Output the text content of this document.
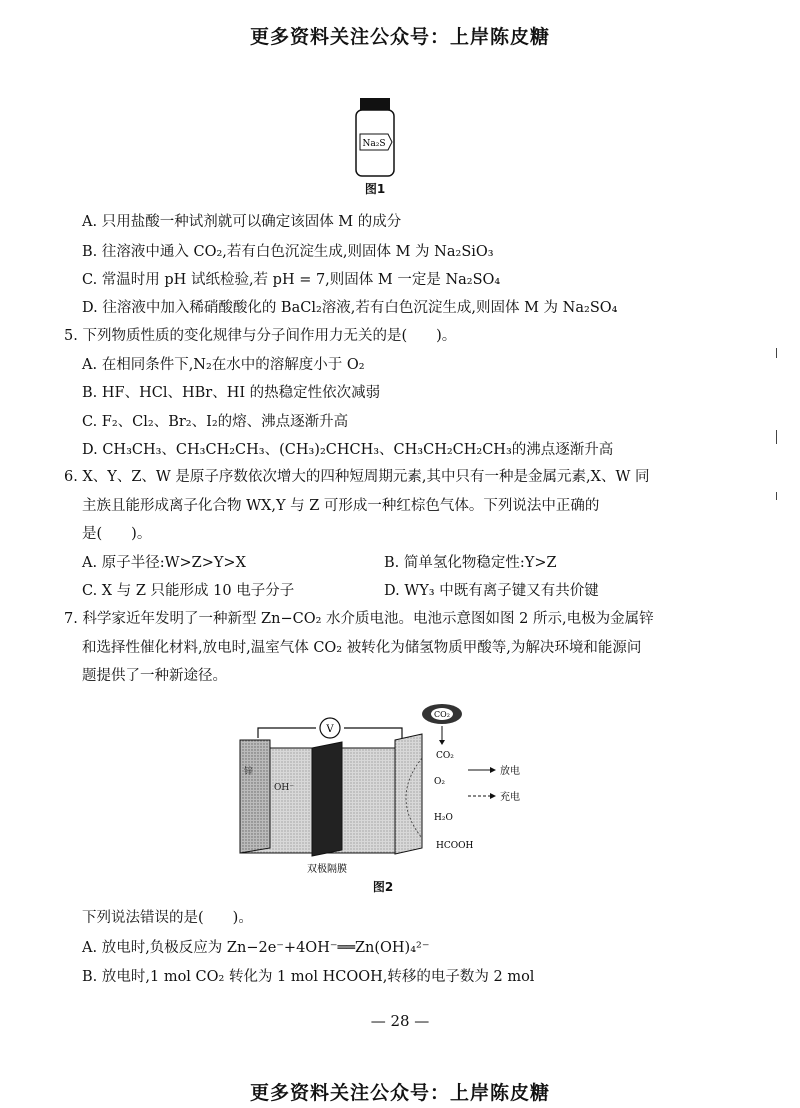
更多资料关注公众号：上岸陈皮糖
Na₂S
图1
A. 只用盐酸一种试剂就可以确定该固体 M 的成分
B. 往溶液中通入 CO₂,若有白色沉淀生成,则固体 M 为 Na₂SiO₃
C. 常温时用 pH 试纸检验,若 pH = 7,则固体 M 一定是 Na₂SO₄
D. 往溶液中加入稀硝酸酸化的 BaCl₂溶液,若有白色沉淀生成,则固体 M 为 Na₂SO₄
5. 下列物质性质的变化规律与分子间作用力无关的是(　　)。
A. 在相同条件下,N₂在水中的溶解度小于 O₂
B. HF、HCl、HBr、HI 的热稳定性依次减弱
C. F₂、Cl₂、Br₂、I₂的熔、沸点逐渐升高
D. CH₃CH₃、CH₃CH₂CH₃、(CH₃)₂CHCH₃、CH₃CH₂CH₂CH₃的沸点逐渐升高
6. X、Y、Z、W 是原子序数依次增大的四种短周期元素,其中只有一种是金属元素,X、W 同
主族且能形成离子化合物 WX,Y 与 Z 可形成一种红棕色气体。下列说法中正确的
是(　　)。
A. 原子半径:W>Z>Y>X	B. 简单氢化物稳定性:Y>Z
C. X 与 Z 只能形成 10 电子分子	D. WY₃ 中既有离子键又有共价键
7. 科学家近年发明了一种新型 Zn−CO₂ 水介质电池。电池示意图如图 2 所示,电极为金属锌
和选择性催化材料,放电时,温室气体 CO₂ 被转化为储氢物质甲酸等,为解决环境和能源问
题提供了一种新途径。
V
锌
OH⁻
CO₂
CO₂
O₂
H₂O
HCOOH
放电
充电
双极隔膜
图2
下列说法错误的是(　　)。
A. 放电时,负极反应为 Zn−2e⁻+4OH⁻══Zn(OH)₄²⁻
B. 放电时,1 mol CO₂ 转化为 1 mol HCOOH,转移的电子数为 2 mol
— 28 —
更多资料关注公众号：上岸陈皮糖
